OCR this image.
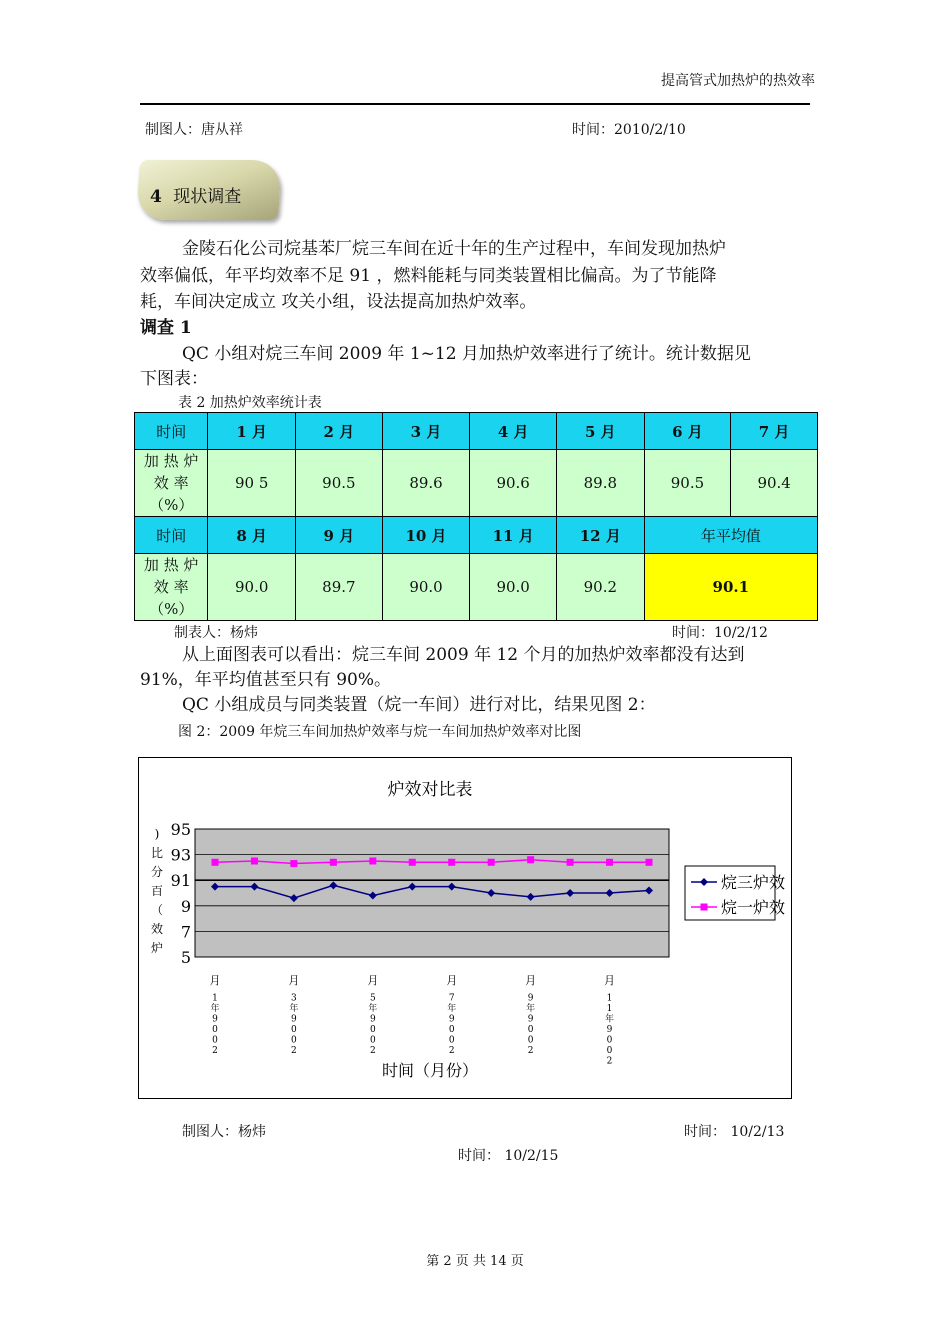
提高管式加热炉的热效率
制图人：唐从祥	时间：2010/2/10
4 现状调查
金陵石化公司烷基苯厂烷三车间在近十年的生产过程中，车间发现加热炉
效率偏低，年平均效率不足 91 ，燃料能耗与同类装置相比偏高。为了节能降
耗，车间决定成立 攻关小组，设法提高加热炉效率。
调查 1
QC 小组对烷三车间 2009 年 1~12 月加热炉效率进行了统计。统计数据见
下图表：
表 2 加热炉效率统计表
时间	1 月	2 月	3 月	4 月	5 月	6 月	7 月

加 热 炉
效 率
（%）	90 5	90.5	89.6	90.6	89.8	90.5	90.4
时间	8 月	9 月	10 月	11 月	12 月	年平均值	

加 热 炉
效 率
（%）	90.0	89.7	90.0	90.0	90.2	90.1	
制表人：杨炜	时间：10/2/12
从上面图表可以看出：烷三车间 2009 年 12 个月的加热炉效率都没有达到
91%，年平均值甚至只有 90%。
QC 小组成员与同类装置（烷一车间）进行对比，结果见图 2：
图 2：2009 年烷三车间加热炉效率与烷一车间加热炉效率对比图
炉效对比表
95
93
91
9
7
5
)
比
分
百
（
效
炉
月
1
年
9
0
0
2
月
3
年
9
0
0
2
月
5
年
9
0
0
2
月
7
年
9
0
0
2
月
9
年
9
0
0
2
月
1
1
年
9
0
0
2
时间（月份）
烷三炉效
烷一炉效
制图人：杨炜	时间： 10/2/13
时间： 10/2/15
第 2 页 共 14 页
